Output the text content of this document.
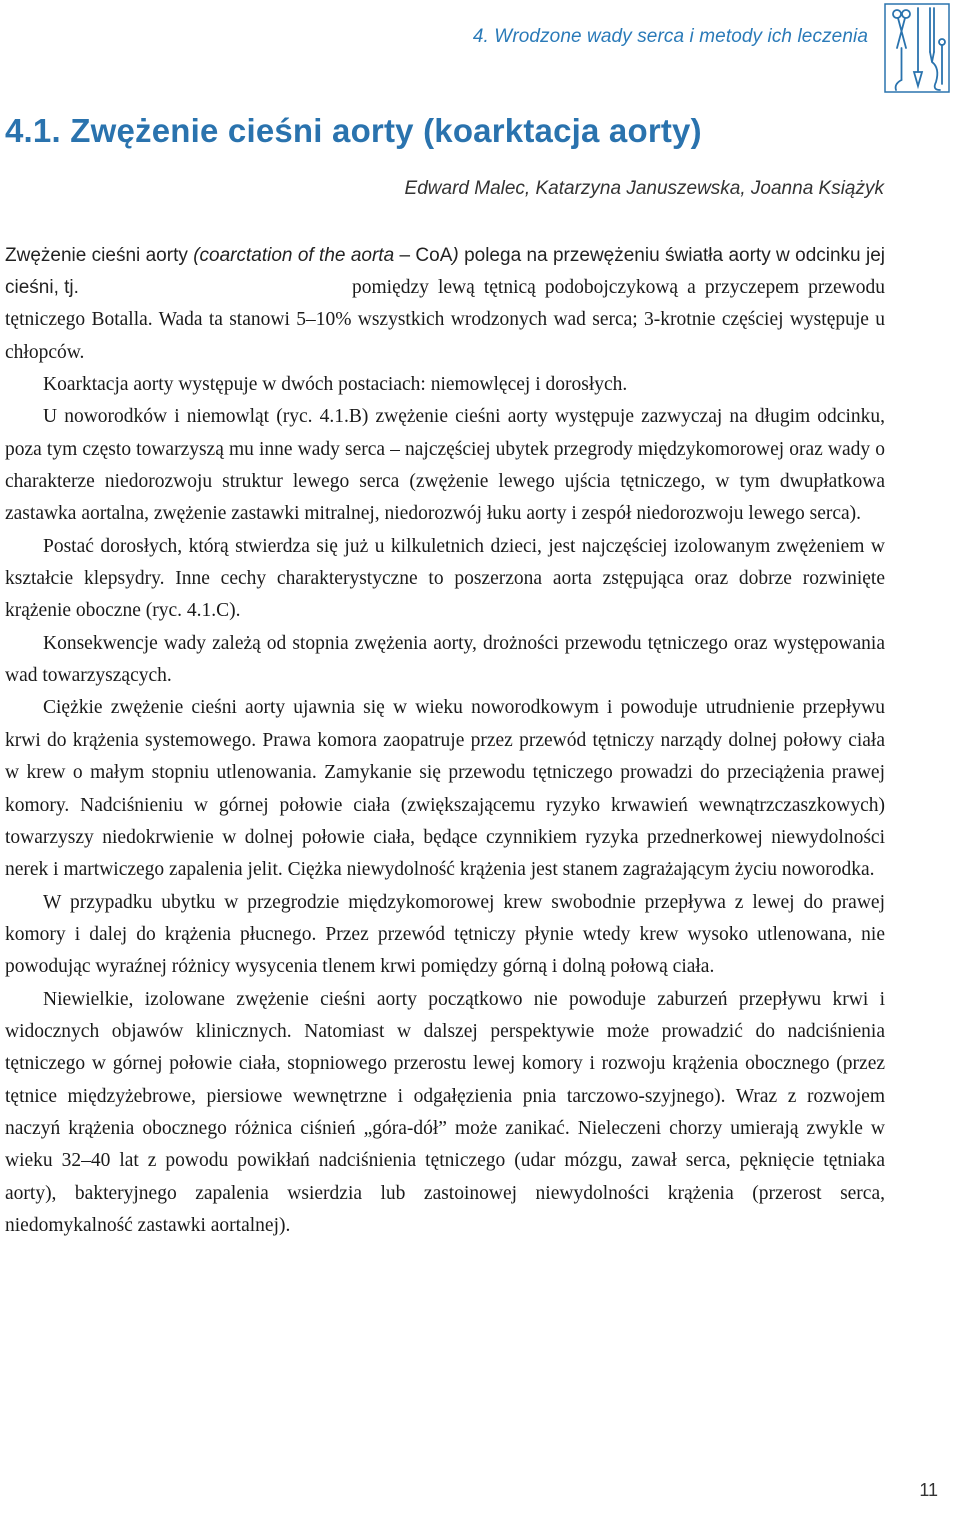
4. Wrodzone wady serca i metody ich leczenia
4.1. Zwężenie cieśni aorty (koarktacja aorty)
Edward Malec, Katarzyna Januszewska, Joanna Książyk

Zwężenie cieśni aorty (coarctation of the aorta – CoA) polega na przewężeniu światła aorty w odcinku jej cieśni, tj.	pomiędzy lewą tętnicą podobojczykową a przyczepem przewodu tętniczego Botalla. Wada ta stanowi 5–10% wszystkich wrodzonych wad serca; 3-krotnie częściej występuje u chłopców.

Koarktacja aorty występuje w dwóch postaciach: niemowlęcej i dorosłych.

U noworodków i niemowląt (ryc. 4.1.B) zwężenie cieśni aorty występuje zazwyczaj na długim odcinku, poza tym często towarzyszą mu inne wady serca – najczęściej ubytek przegrody międzykomorowej oraz wady o charakterze niedorozwoju struktur lewego serca (zwężenie lewego ujścia tętniczego, w tym dwupłatkowa zastawka aortalna, zwężenie zastawki mitralnej, niedorozwój łuku aorty i zespół niedorozwoju lewego serca).

Postać dorosłych, którą stwierdza się już u kilkuletnich dzieci, jest najczęściej izolowanym zwężeniem w kształcie klepsydry. Inne cechy charakterystyczne to poszerzona aorta zstępująca oraz dobrze rozwinięte krążenie oboczne (ryc. 4.1.C).

Konsekwencje wady zależą od stopnia zwężenia aorty, drożności przewodu tętniczego oraz występowania wad towarzyszących.

Ciężkie zwężenie cieśni aorty ujawnia się w wieku noworodkowym i powoduje utrudnienie przepływu krwi do krążenia systemowego. Prawa komora zaopatruje przez przewód tętniczy narządy dolnej połowy ciała w krew o małym stopniu utlenowania. Zamykanie się przewodu tętniczego prowadzi do przeciążenia prawej komory. Nadciśnieniu w górnej połowie ciała (zwiększającemu ryzyko krwawień wewnątrzczaszkowych) towarzyszy niedokrwienie w dolnej połowie ciała, będące czynnikiem ryzyka przednerkowej niewydolności nerek i martwiczego zapalenia jelit. Ciężka niewydolność krążenia jest stanem zagrażającym życiu noworodka.

W przypadku ubytku w przegrodzie międzykomorowej krew swobodnie przepływa z lewej do prawej komory i dalej do krążenia płucnego. Przez przewód tętniczy płynie wtedy krew wysoko utlenowana, nie powodując wyraźnej różnicy wysycenia tlenem krwi pomiędzy górną i dolną połową ciała.

Niewielkie, izolowane zwężenie cieśni aorty początkowo nie powoduje zaburzeń przepływu krwi i widocznych objawów klinicznych. Natomiast w dalszej perspektywie może prowadzić do nadciśnienia tętniczego w górnej połowie ciała, stopniowego przerostu lewej komory i rozwoju krążenia obocznego (przez tętnice międzyżebrowe, piersiowe wewnętrzne i odgałęzienia pnia tarczowo-szyjnego). Wraz z rozwojem naczyń krążenia obocznego różnica ciśnień „góra-dół” może zanikać. Nieleczeni chorzy umierają zwykle w wieku 32–40 lat z powodu powikłań nadciśnienia tętniczego (udar mózgu, zawał serca, pęknięcie tętniaka aorty), bakteryjnego zapalenia wsierdzia lub zastoinowej niewydolności krążenia (przerost serca, niedomykalność zastawki aortalnej).

11
